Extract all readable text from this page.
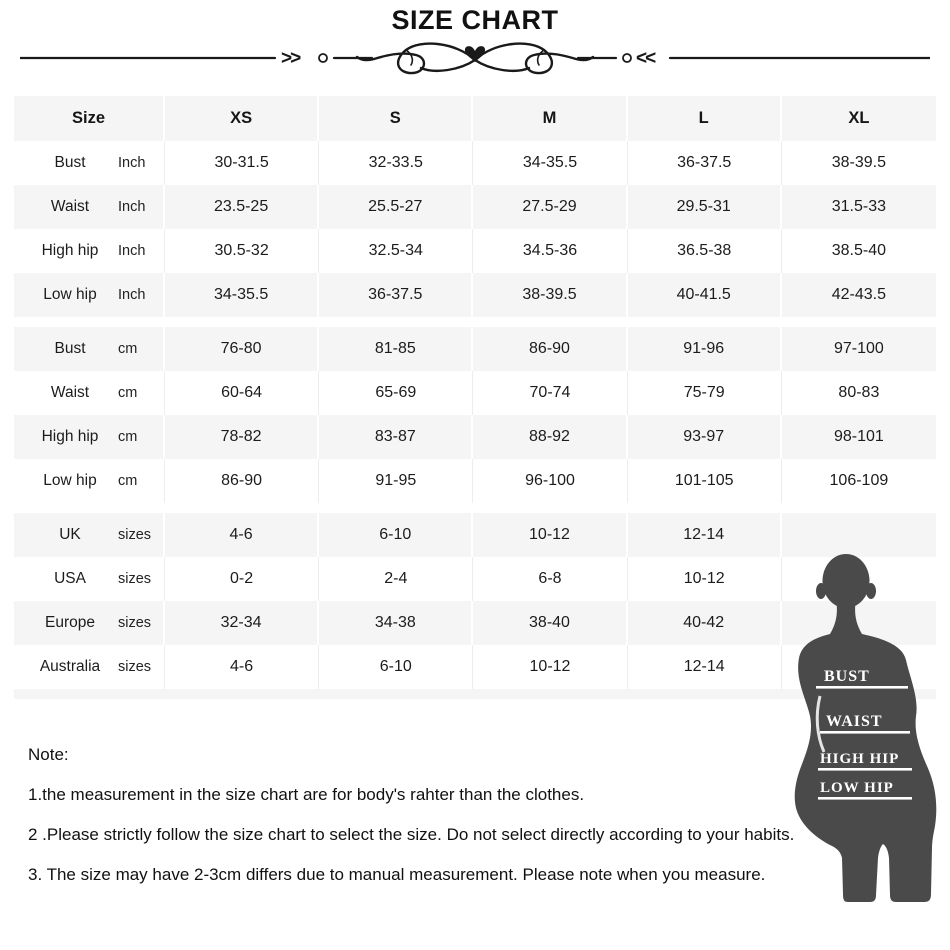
SIZE CHART
>>	<<
Size	XS	S	M	L	XL
Bust	Inch	30-31.5	32-33.5	34-35.5	36-37.5	38-39.5
Waist	Inch	23.5-25	25.5-27	27.5-29	29.5-31	31.5-33
High hip	Inch	30.5-32	32.5-34	34.5-36	36.5-38	38.5-40
Low hip	Inch	34-35.5	36-37.5	38-39.5	40-41.5	42-43.5
Bust	cm	76-80	81-85	86-90	91-96	97-100
Waist	cm	60-64	65-69	70-74	75-79	80-83
High hip	cm	78-82	83-87	88-92	93-97	98-101
Low hip	cm	86-90	91-95	96-100	101-105	106-109
UK	sizes	4-6	6-10	10-12	12-14
USA	sizes	0-2	2-4	6-8	10-12
Europe	sizes	32-34	34-38	38-40	40-42
Australia	sizes	4-6	6-10	10-12	12-14
Note:
1.the measurement in the size chart are for body's rahter than the clothes.
2 .Please strictly follow the size chart to select the size. Do not select directly according to your habits.
3. The size may have 2-3cm differs due to manual measurement. Please note when you measure.
BUST
WAIST
HIGH HIP
LOW HIP
